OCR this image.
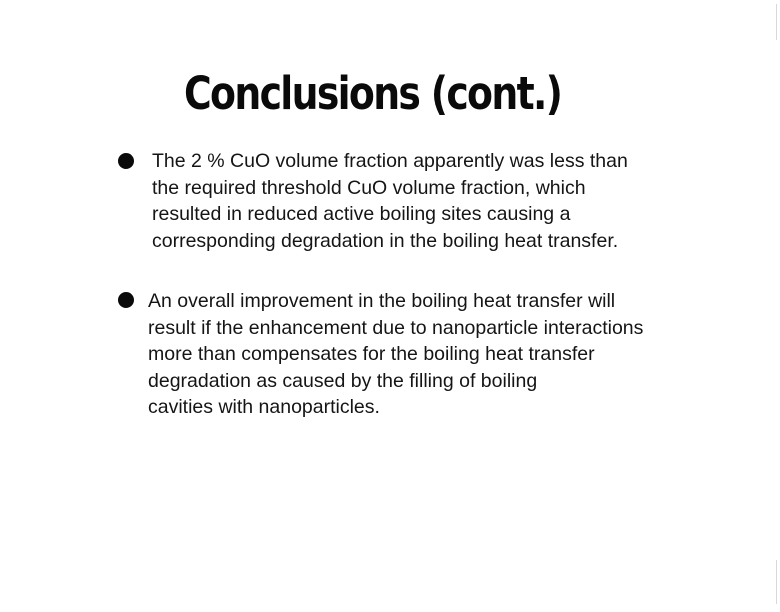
Conclusions (cont.)
The 2 % CuO volume fraction apparently was less than
the required threshold CuO volume fraction, which
resulted in reduced active boiling sites causing a
corresponding degradation in the boiling heat transfer.
An overall improvement in the boiling heat transfer will
result if the enhancement due to nanoparticle interactions
more than compensates for the boiling heat transfer
degradation as caused by the filling of boiling
cavities with nanoparticles.
